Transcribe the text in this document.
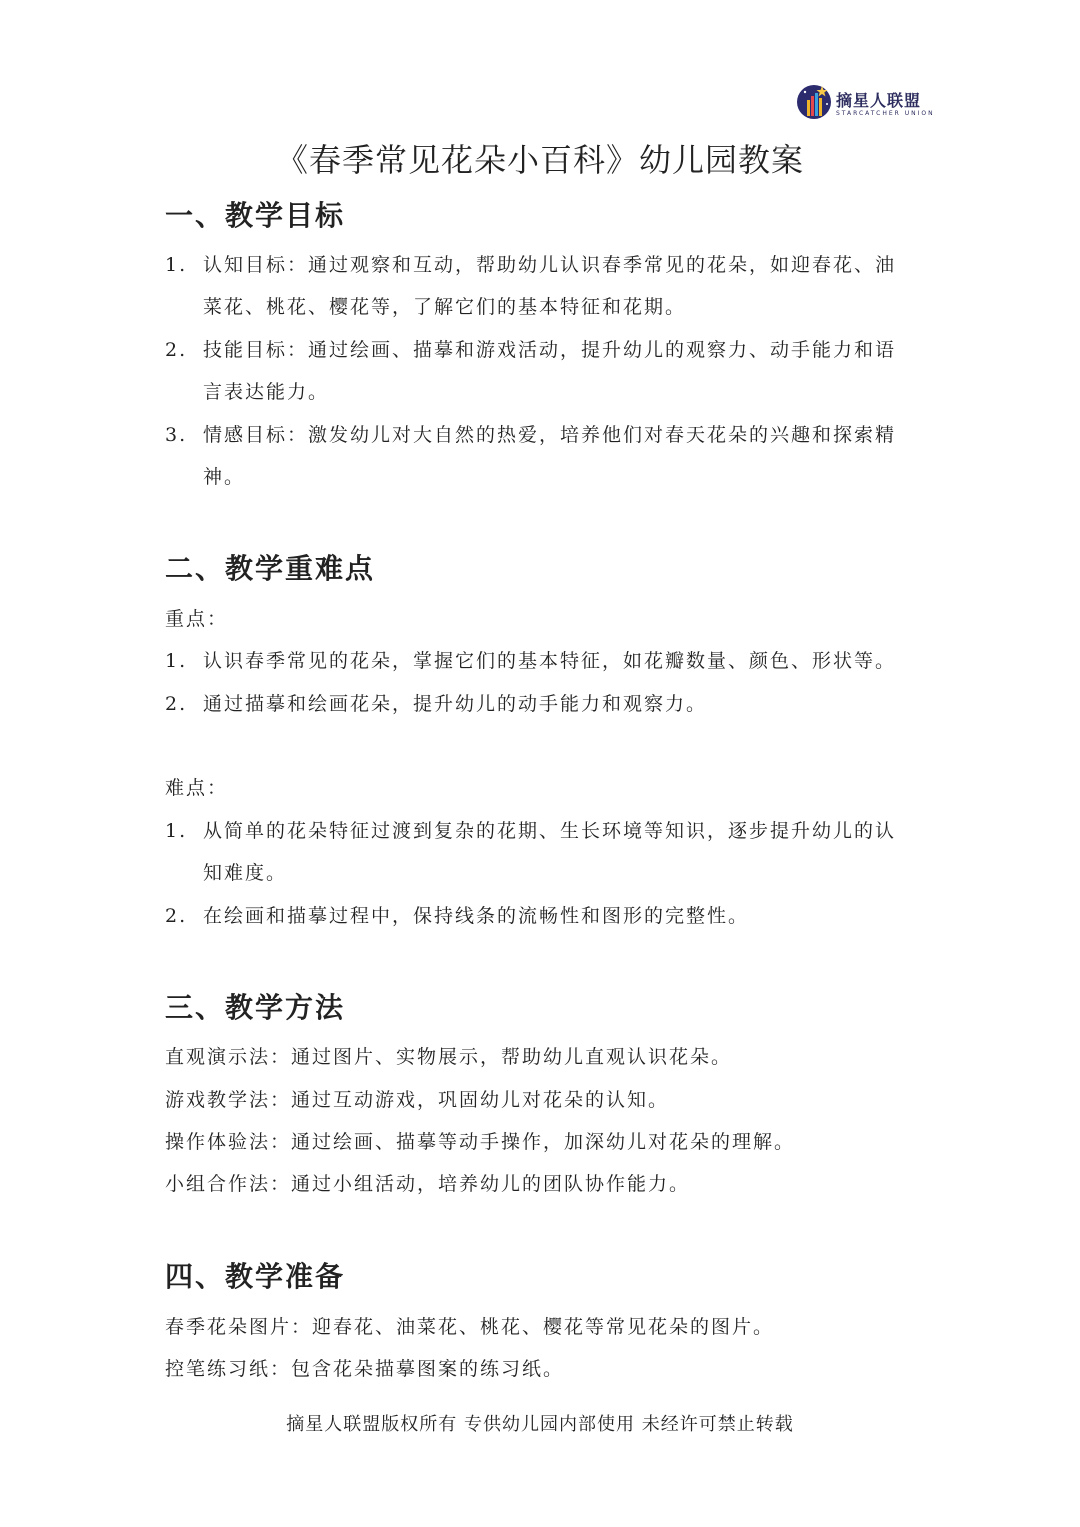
摘星人联盟
STARCATCHER UNION
《春季常见花朵小百科》幼儿园教案
一、教学目标
1. 认知目标：通过观察和互动，帮助幼儿认识春季常见的花朵，如迎春花、油
菜花、桃花、樱花等，了解它们的基本特征和花期。
2. 技能目标：通过绘画、描摹和游戏活动，提升幼儿的观察力、动手能力和语
言表达能力。
3. 情感目标：激发幼儿对大自然的热爱，培养他们对春天花朵的兴趣和探索精
神。
二、教学重难点
重点：
1. 认识春季常见的花朵，掌握它们的基本特征，如花瓣数量、颜色、形状等。
2. 通过描摹和绘画花朵，提升幼儿的动手能力和观察力。
难点：
1. 从简单的花朵特征过渡到复杂的花期、生长环境等知识，逐步提升幼儿的认
知难度。
2. 在绘画和描摹过程中，保持线条的流畅性和图形的完整性。
三、教学方法
直观演示法：通过图片、实物展示，帮助幼儿直观认识花朵。
游戏教学法：通过互动游戏，巩固幼儿对花朵的认知。
操作体验法：通过绘画、描摹等动手操作，加深幼儿对花朵的理解。
小组合作法：通过小组活动，培养幼儿的团队协作能力。
四、教学准备
春季花朵图片：迎春花、油菜花、桃花、樱花等常见花朵的图片。
控笔练习纸：包含花朵描摹图案的练习纸。
摘星人联盟版权所有 专供幼儿园内部使用 未经许可禁止转载
